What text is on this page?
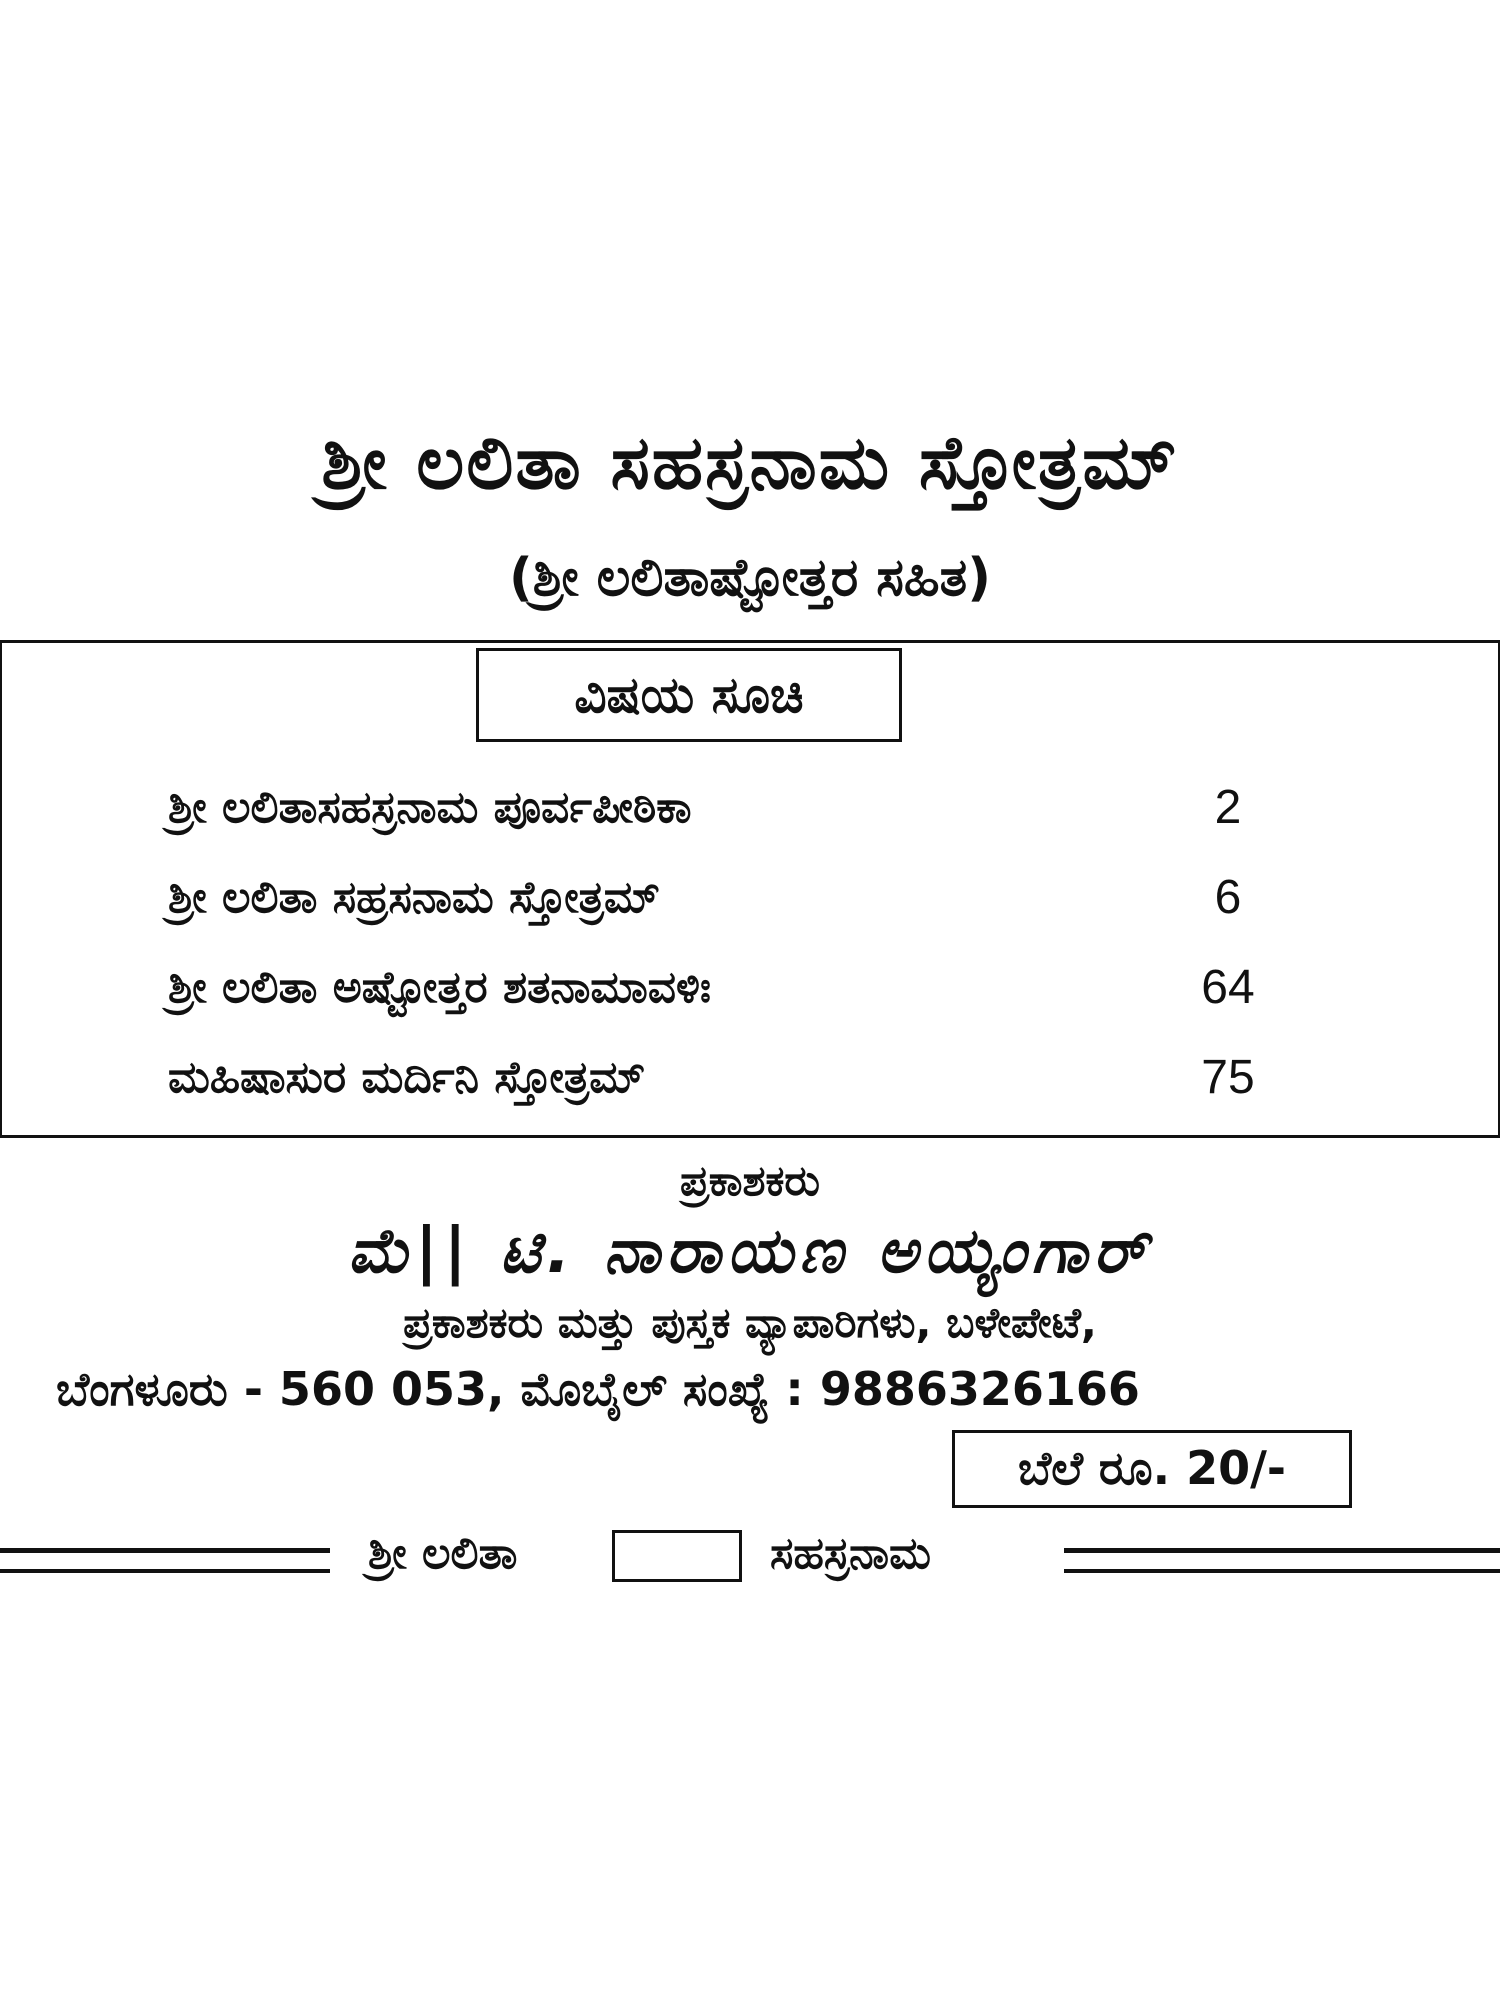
ಶ್ರೀ ಲಲಿತಾ ಸಹಸ್ರನಾಮ ಸ್ತೋತ್ರಮ್
(ಶ್ರೀ ಲಲಿತಾಷ್ಟೋತ್ತರ ಸಹಿತ)
ವಿಷಯ ಸೂಚಿ
ಶ್ರೀ ಲಲಿತಾಸಹಸ್ರನಾಮ ಪೂರ್ವಪೀಠಿಕಾ	2
ಶ್ರೀ ಲಲಿತಾ ಸಹ್ರಸನಾಮ ಸ್ತೋತ್ರಮ್	6
ಶ್ರೀ ಲಲಿತಾ ಅಷ್ಟೋತ್ತರ ಶತನಾಮಾವಳಿಃ	64
ಮಹಿಷಾಸುರ ಮರ್ದಿನಿ ಸ್ತೋತ್ರಮ್	75
ಪ್ರಕಾಶಕರು
ಮೆ|| ಟಿ. ನಾರಾಯಣ ಅಯ್ಯಂಗಾರ್
ಪ್ರಕಾಶಕರು ಮತ್ತು ಪುಸ್ತಕ ವ್ಯಾಪಾರಿಗಳು, ಬಳೇಪೇಟೆ,
ಬೆಂಗಳೂರು - 560 053, ಮೊಬೈಲ್ ಸಂಖ್ಯೆ : 9886326166
ಬೆಲೆ ರೂ. 20/-
ಶ್ರೀ ಲಲಿತಾ	ಸಹಸ್ರನಾಮ
